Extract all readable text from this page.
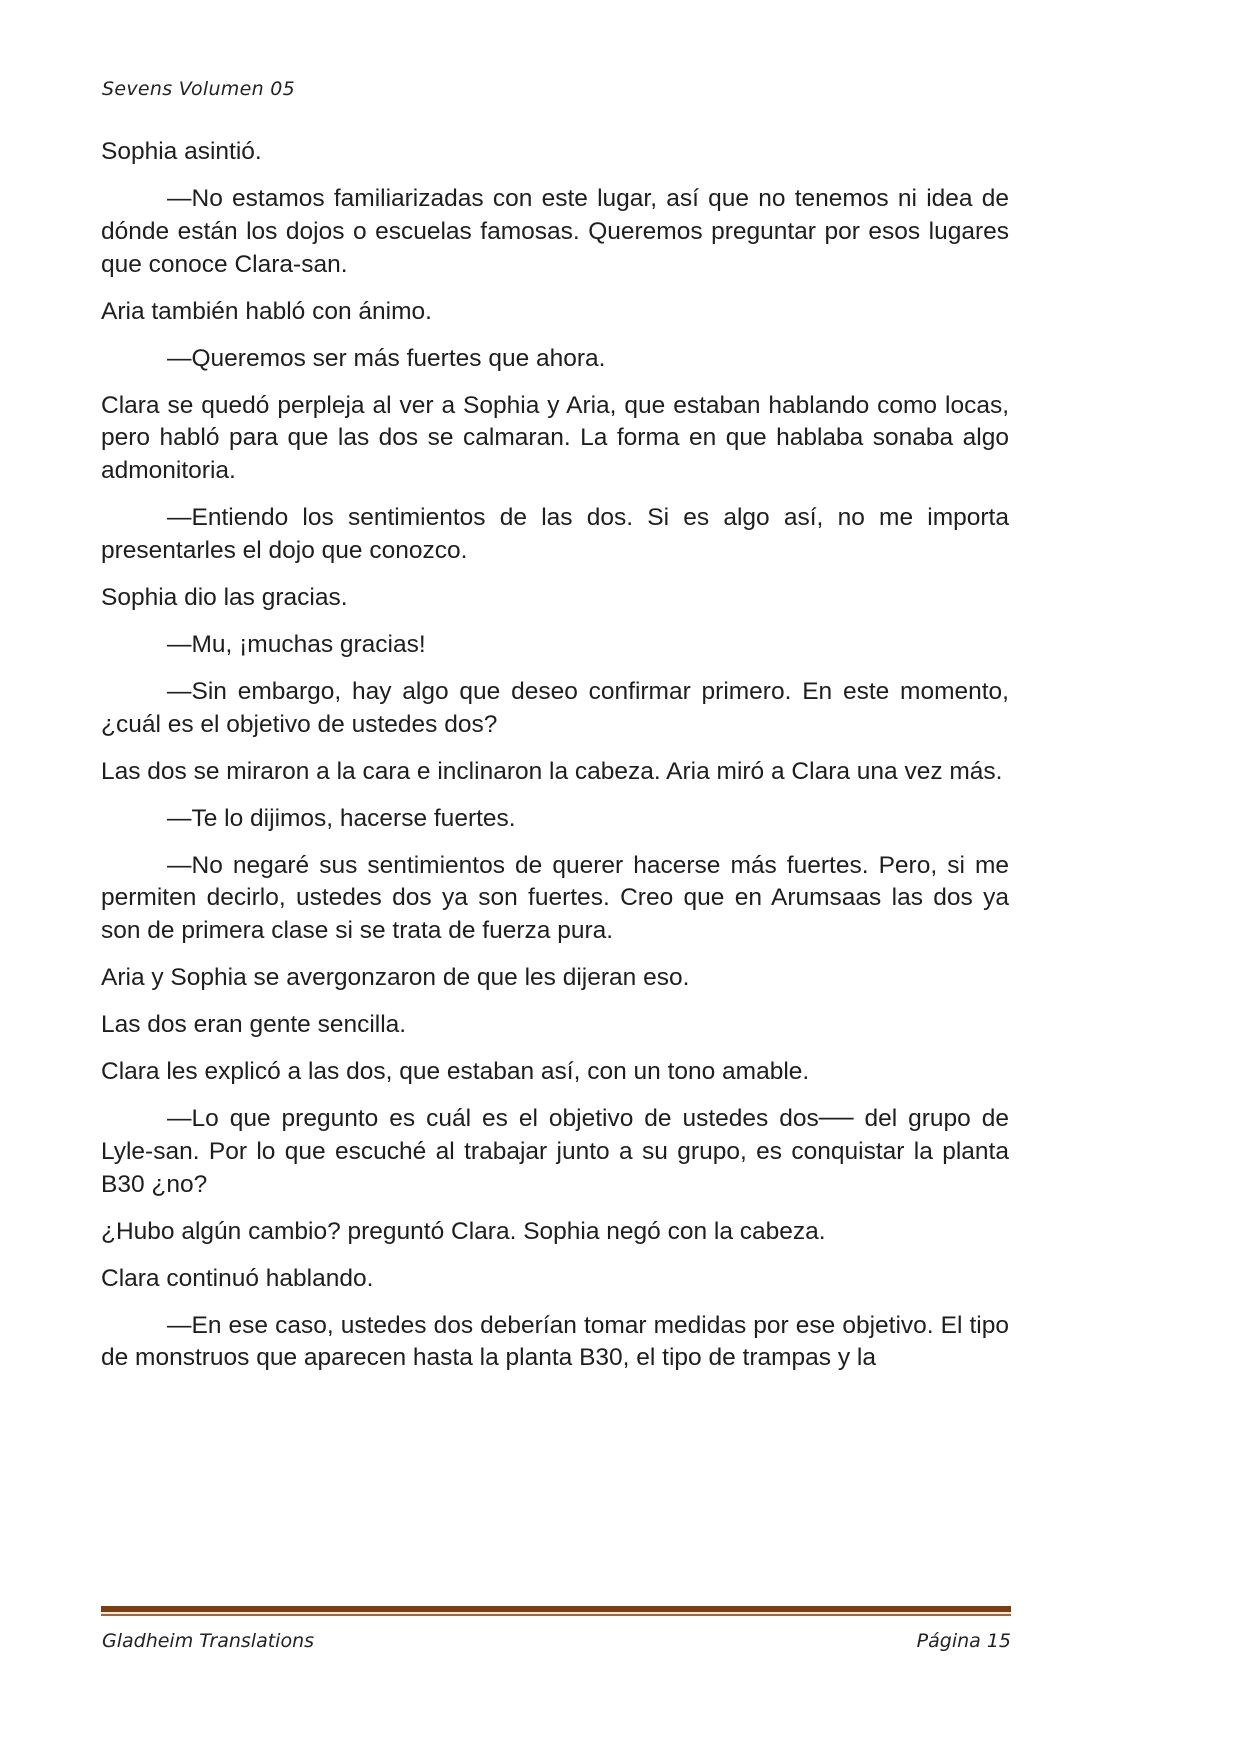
Sevens Volumen 05

Sophia asintió.

—No estamos familiarizadas con este lugar, así que no tenemos ni idea de dónde están los dojos o escuelas famosas. Queremos preguntar por esos lugares que conoce Clara-san.

Aria también habló con ánimo.

—Queremos ser más fuertes que ahora.

Clara se quedó perpleja al ver a Sophia y Aria, que estaban hablando como locas, pero habló para que las dos se calmaran. La forma en que hablaba sonaba algo admonitoria.

—Entiendo los sentimientos de las dos. Si es algo así, no me importa presentarles el dojo que conozco.

Sophia dio las gracias.

—Mu, ¡muchas gracias!

—Sin embargo, hay algo que deseo confirmar primero. En este momento, ¿cuál es el objetivo de ustedes dos?

Las dos se miraron a la cara e inclinaron la cabeza. Aria miró a Clara una vez más.

—Te lo dijimos, hacerse fuertes.

—No negaré sus sentimientos de querer hacerse más fuertes. Pero, si me permiten decirlo, ustedes dos ya son fuertes. Creo que en Arumsaas las dos ya son de primera clase si se trata de fuerza pura.

Aria y Sophia se avergonzaron de que les dijeran eso.

Las dos eran gente sencilla.

Clara les explicó a las dos, que estaban así, con un tono amable.

—Lo que pregunto es cuál es el objetivo de ustedes dos── del grupo de Lyle-san. Por lo que escuché al trabajar junto a su grupo, es conquistar la planta B30 ¿no?

¿Hubo algún cambio? preguntó Clara. Sophia negó con la cabeza.

Clara continuó hablando.

—En ese caso, ustedes dos deberían tomar medidas por ese objetivo. El tipo de monstruos que aparecen hasta la planta B30, el tipo de trampas y la

Gladheim Translations	Página 15
